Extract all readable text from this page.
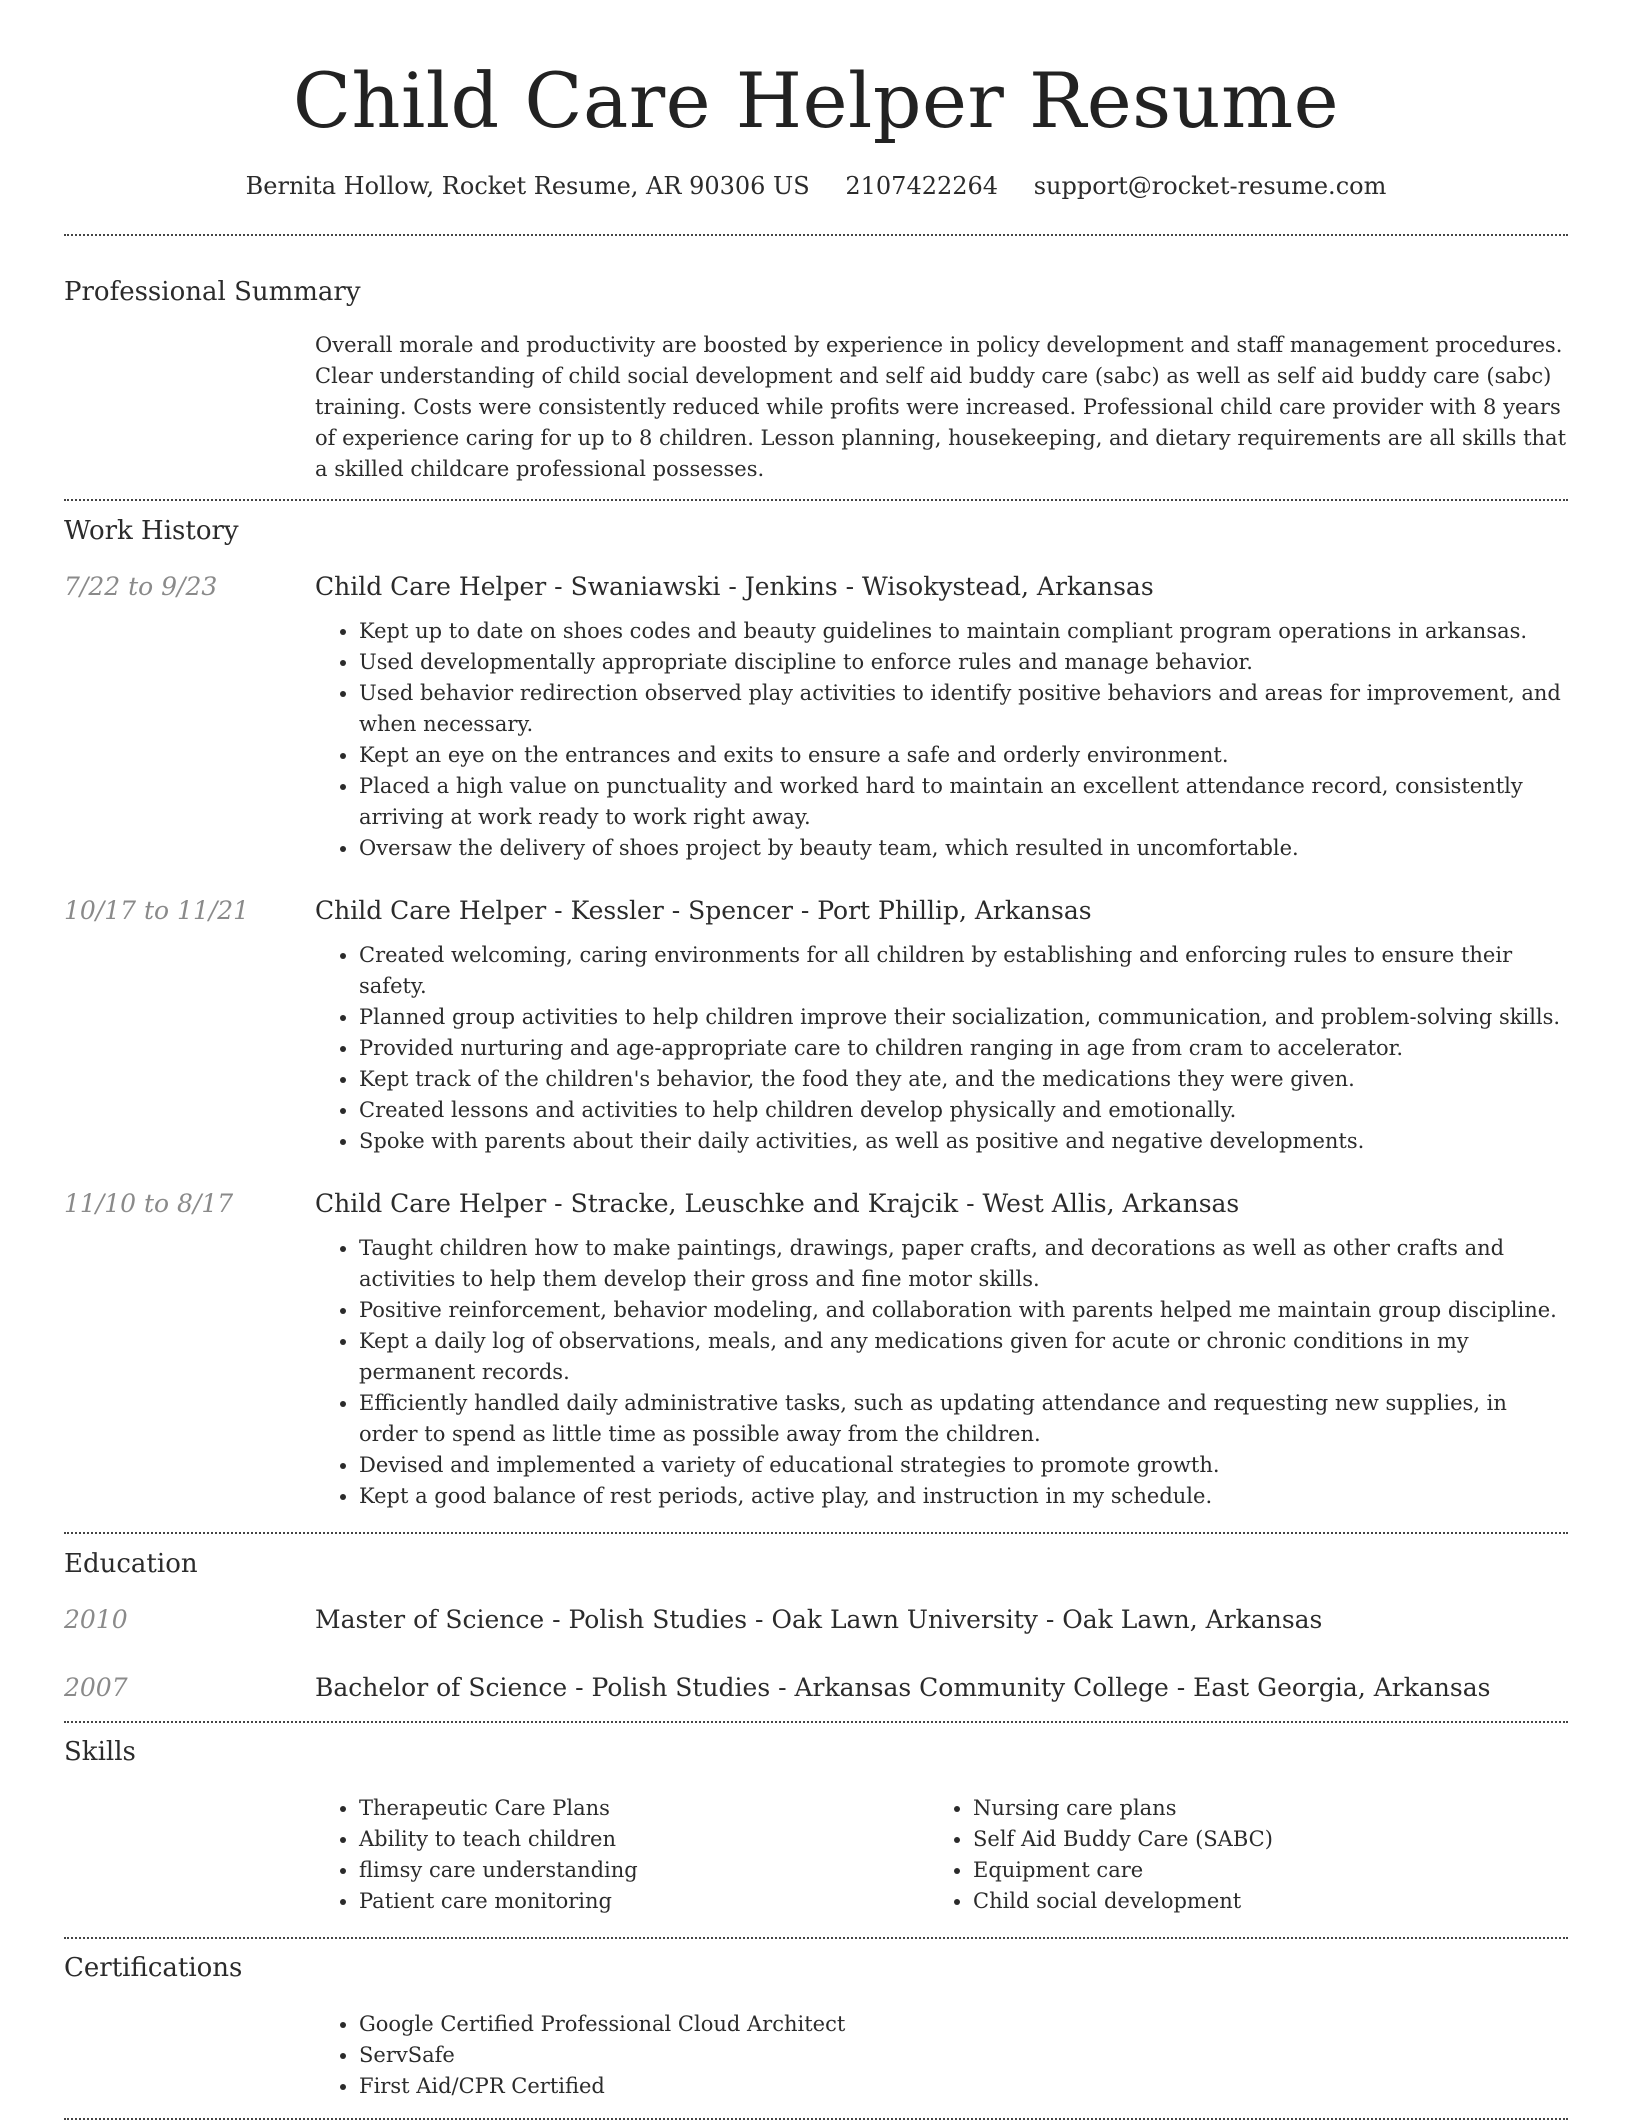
Child Care Helper Resume
Bernita Hollow, Rocket Resume, AR 90306 US 2107422264 support@rocket-resume.com
Professional Summary

Overall morale and productivity are boosted by experience in policy development and staff management procedures. Clear understanding of child social development and self aid buddy care (sabc) as well as self aid buddy care (sabc) training. Costs were consistently reduced while profits were increased. Professional child care provider with 8 years of experience caring for up to 8 children. Lesson planning, housekeeping, and dietary requirements are all skills that a skilled childcare professional possesses.

Work History
7/22 to 9/23	Child Care Helper - Swaniawski - Jenkins - Wisokystead, Arkansas
• Kept up to date on shoes codes and beauty guidelines to maintain compliant program operations in arkansas.
• Used developmentally appropriate discipline to enforce rules and manage behavior.
• Used behavior redirection observed play activities to identify positive behaviors and areas for improvement, and when necessary.
• Kept an eye on the entrances and exits to ensure a safe and orderly environment.
• Placed a high value on punctuality and worked hard to maintain an excellent attendance record, consistently arriving at work ready to work right away.
• Oversaw the delivery of shoes project by beauty team, which resulted in uncomfortable.
10/17 to 11/21	Child Care Helper - Kessler - Spencer - Port Phillip, Arkansas
• Created welcoming, caring environments for all children by establishing and enforcing rules to ensure their safety.
• Planned group activities to help children improve their socialization, communication, and problem-solving skills.
• Provided nurturing and age-appropriate care to children ranging in age from cram to accelerator.
• Kept track of the children's behavior, the food they ate, and the medications they were given.
• Created lessons and activities to help children develop physically and emotionally.
• Spoke with parents about their daily activities, as well as positive and negative developments.
11/10 to 8/17	Child Care Helper - Stracke, Leuschke and Krajcik - West Allis, Arkansas
• Taught children how to make paintings, drawings, paper crafts, and decorations as well as other crafts and activities to help them develop their gross and fine motor skills.
• Positive reinforcement, behavior modeling, and collaboration with parents helped me maintain group discipline.
• Kept a daily log of observations, meals, and any medications given for acute or chronic conditions in my permanent records.
• Efficiently handled daily administrative tasks, such as updating attendance and requesting new supplies, in order to spend as little time as possible away from the children.
• Devised and implemented a variety of educational strategies to promote growth.
• Kept a good balance of rest periods, active play, and instruction in my schedule.
Education
2010	Master of Science - Polish Studies - Oak Lawn University - Oak Lawn, Arkansas
2007	Bachelor of Science - Polish Studies - Arkansas Community College - East Georgia, Arkansas
Skills
• Therapeutic Care Plans
• Ability to teach children
• flimsy care understanding
• Patient care monitoring
• Nursing care plans
• Self Aid Buddy Care (SABC)
• Equipment care
• Child social development
Certifications
• Google Certified Professional Cloud Architect
• ServSafe
• First Aid/CPR Certified
